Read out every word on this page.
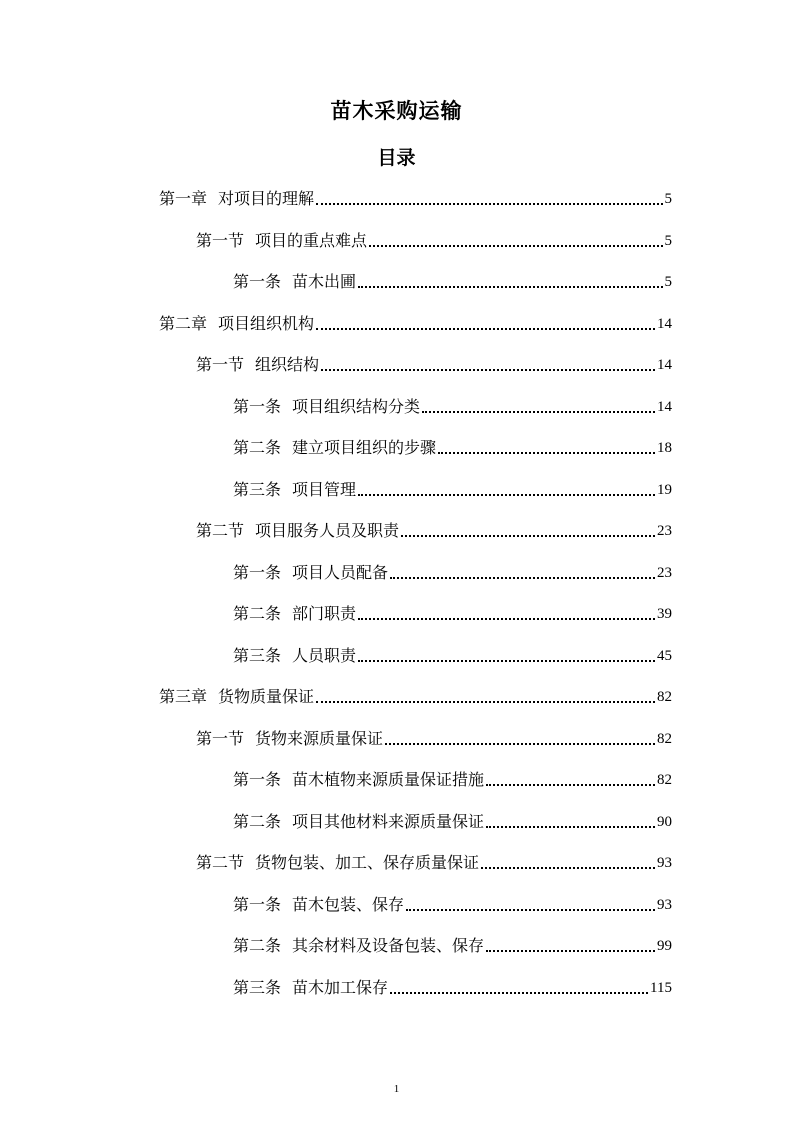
苗木采购运输
目录
第一章 对项目的理解	5
第一节 项目的重点难点	5
第一条 苗木出圃	5
第二章 项目组织机构	14
第一节 组织结构	14
第一条 项目组织结构分类	14
第二条 建立项目组织的步骤	18
第三条 项目管理	19
第二节 项目服务人员及职责	23
第一条 项目人员配备	23
第二条 部门职责	39
第三条 人员职责	45
第三章 货物质量保证	82
第一节 货物来源质量保证	82
第一条 苗木植物来源质量保证措施	82
第二条 项目其他材料来源质量保证	90
第二节 货物包装、加工、保存质量保证	93
第一条 苗木包装、保存	93
第二条 其余材料及设备包装、保存	99
第三条 苗木加工保存	115
1
